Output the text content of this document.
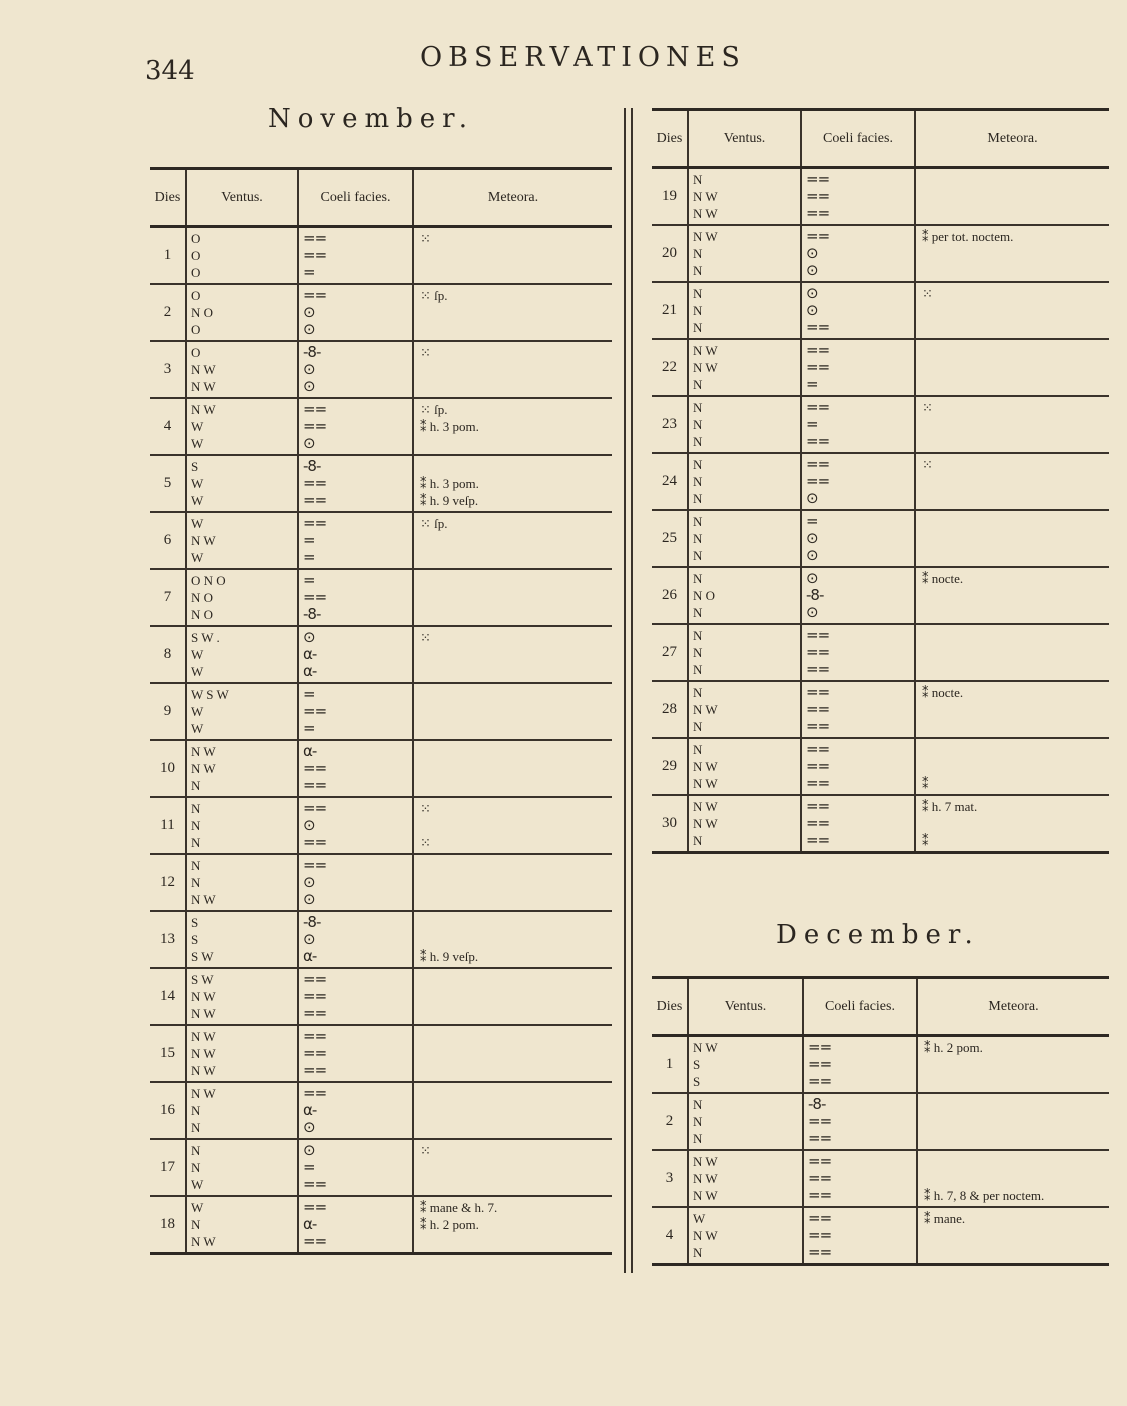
344	OBSERVATIONES
November.
December.
Dies	Ventus.	Coeli facies.	Meteora.
1	O
O
O	==
==
=	⁙

2	O
N O
O	==
⊙
⊙	⁙ ſp.

3	O
N W
N W	-8-
⊙
⊙	⁙

4	N W
W
W	==
==
⊙	⁙ ſp.
⁑ h. 3 pom.

5	S
W
W	-8-
==
==	⁑ h. 3 pom.
⁑ h. 9 veſp.

6	W
N W
W	==
=
=	⁙ ſp.

7	O N O
N O
N O	=
==
-8-	

8	S W .
W
W	⊙
α-
α-	⁙

9	W S W
W
W	=
==
=	

10	N W
N W
N	α-
==
==	

11	N
N
N	==
⊙
==	⁙
⁙

12	N
N
N W	==
⊙
⊙	

13	S
S
S W	-8-
⊙
α-	⁑ h. 9 veſp.

14	S W
N W
N W	==
==
==	

15	N W
N W
N W	==
==
==	

16	N W
N
N	==
α-
⊙	

17	N
N
W	⊙
=
==	⁙

18	W
N
N W	==
α-
==	⁑ mane & h. 7.
⁑ h. 2 pom.
Dies	Ventus.	Coeli facies.	Meteora.
19	N
N W
N W	==
==
==	

20	N W
N
N	==
⊙
⊙	⁑ per tot. noctem.

21	N
N
N	⊙
⊙
==	⁙

22	N W
N W
N	==
==
=	

23	N
N
N	==
=
==	⁙

24	N
N
N	==
==
⊙	⁙

25	N
N
N	=
⊙
⊙	

26	N
N O
N	⊙
-8-
⊙	⁑ nocte.

27	N
N
N	==
==
==	

28	N
N W
N	==
==
==	⁑ nocte.

29	N
N W
N W	==
==
==	⁑

30	N W
N W
N	==
==
==	⁑ h. 7 mat.
⁑
Dies	Ventus.	Coeli facies.	Meteora.
1	N W
S
S	==
==
==	⁑ h. 2 pom.

2	N
N
N	-8-
==
==	

3	N W
N W
N W	==
==
==	⁑ h. 7, 8 & per noctem.

4	W
N W
N	==
==
==	⁑ mane.
